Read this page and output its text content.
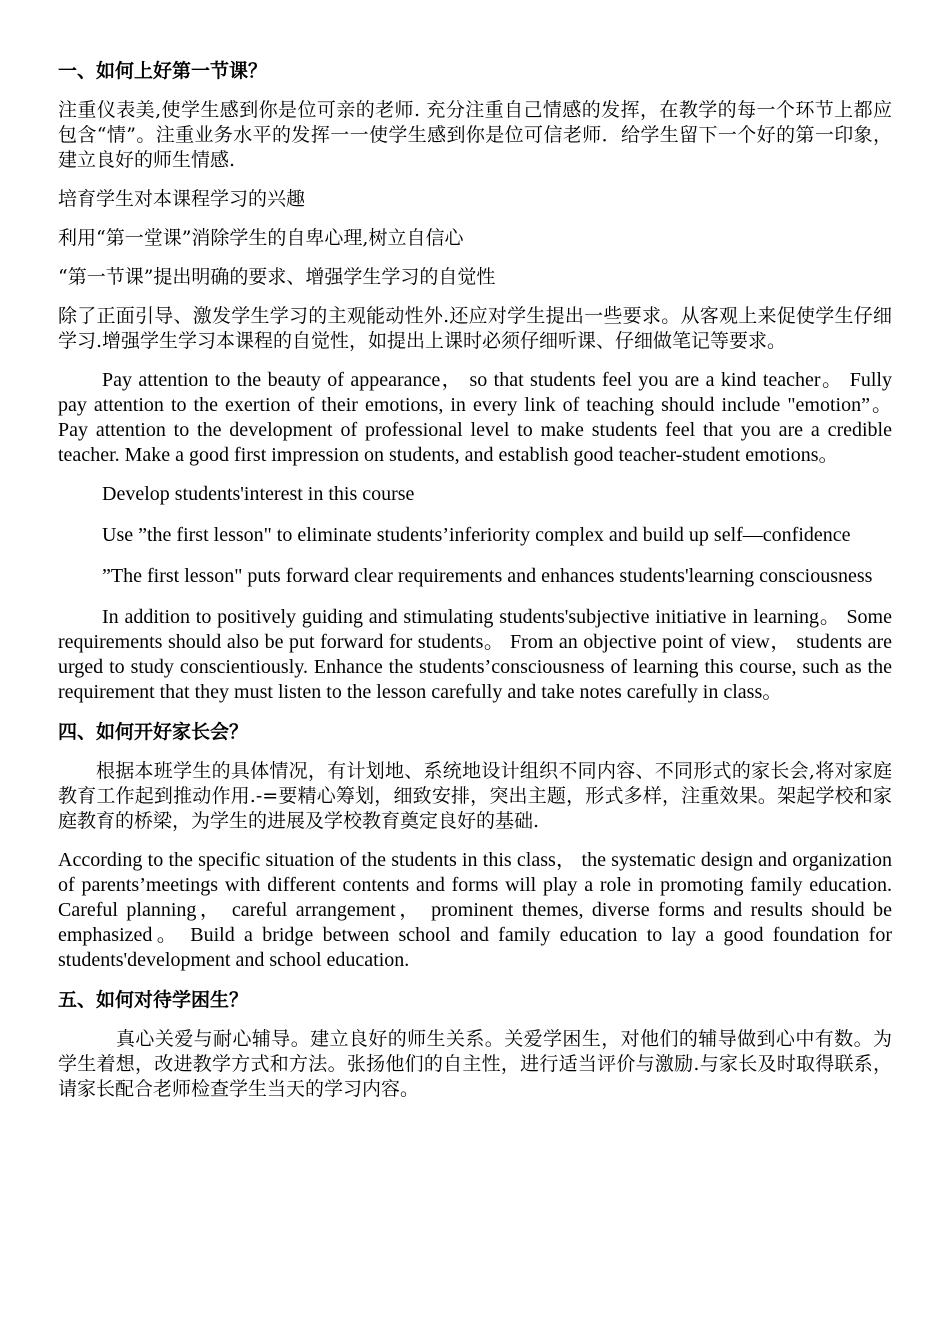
一、如何上好第一节课？
注重仪表美,使学生感到你是位可亲的老师. 充分注重自己情感的发挥，在教学的每一个环节上都应包含“情”。注重业务水平的发挥一一使学生感到你是位可信老师．给学生留下一个好的第一印象，建立良好的师生情感.
培育学生对本课程学习的兴趣
利用“第一堂课”消除学生的自卑心理,树立自信心
“第一节课”提出明确的要求、增强学生学习的自觉性
除了正面引导、激发学生学习的主观能动性外.还应对学生提出一些要求。从客观上来促使学生仔细学习.增强学生学习本课程的自觉性，如提出上课时必须仔细听课、仔细做笔记等要求。
Pay attention to the beauty of appearance， so that students feel you are a kind teacher。 Fully pay attention to the exertion of their emotions, in every link of teaching should include "emotion”。 Pay attention to the development of professional level to make students feel that you are a credible teacher. Make a good first impression on students, and establish good teacher-student emotions。
Develop students'interest in this course
Use ”the first lesson" to eliminate students’inferiority complex and build up self—confidence
”The first lesson" puts forward clear requirements and enhances students'learning consciousness
In addition to positively guiding and stimulating students'subjective initiative in learning。 Some requirements should also be put forward for students。 From an objective point of view， students are urged to study conscientiously. Enhance the students’consciousness of learning this course, such as the requirement that they must listen to the lesson carefully and take notes carefully in class。
四、如何开好家长会？
根据本班学生的具体情况，有计划地、系统地设计组织不同内容、不同形式的家长会,将对家庭教育工作起到推动作用.-=要精心筹划，细致安排，突出主题，形式多样，注重效果。架起学校和家庭教育的桥梁，为学生的进展及学校教育奠定良好的基础.
According to the specific situation of the students in this class， the systematic design and organization of parents’meetings with different contents and forms will play a role in promoting family education. Careful planning， careful arrangement， prominent themes, diverse forms and results should be emphasized。 Build a bridge between school and family education to lay a good foundation for students'development and school education.
五、如何对待学困生？
真心关爱与耐心辅导。建立良好的师生关系。关爱学困生，对他们的辅导做到心中有数。为学生着想，改进教学方式和方法。张扬他们的自主性，进行适当评价与激励.与家长及时取得联系，请家长配合老师检查学生当天的学习内容。
